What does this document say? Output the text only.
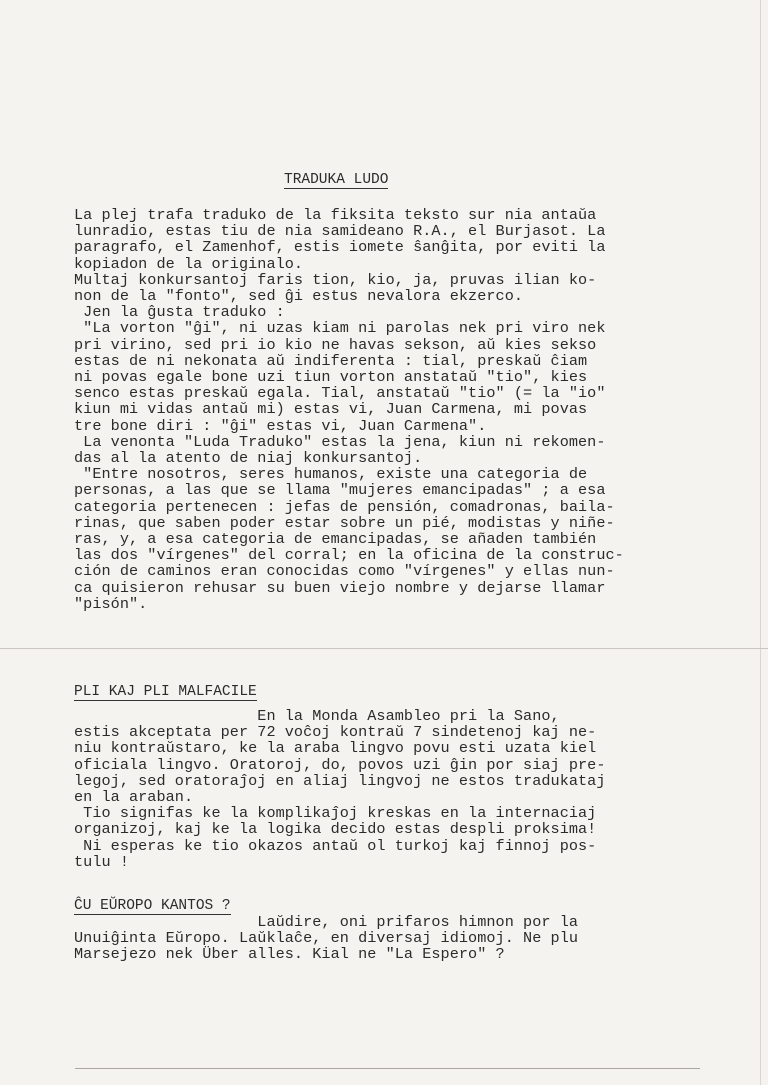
TRADUKA LUDO
La plej trafa traduko de la fiksita teksto sur nia antaŭa
lunradio, estas tiu de nia samideano R.A., el Burjasot. La
paragrafo, el Zamenhof, estis iomete ŝanĝita, por eviti la
kopiadon de la originalo.
Multaj konkursantoj faris tion, kio, ja, pruvas ilian ko-
non de la "fonto", sed ĝi estus nevalora ekzerco.
Jen la ĝusta traduko :
"La vorton "ĝi", ni uzas kiam ni parolas nek pri viro nek
pri virino, sed pri io kio ne havas sekson, aŭ kies sekso
estas de ni nekonata aŭ indiferenta : tial, preskaŭ ĉiam
ni povas egale bone uzi tiun vorton anstataŭ "tio", kies
senco estas preskaŭ egala. Tial, anstataŭ "tio" (= la "io"
kiun mi vidas antaŭ mi) estas vi, Juan Carmena, mi povas
tre bone diri : "ĝi" estas vi, Juan Carmena".
La venonta "Luda Traduko" estas la jena, kiun ni rekomen-
das al la atento de niaj konkursantoj.
"Entre nosotros, seres humanos, existe una categoria de
personas, a las que se llama "mujeres emancipadas" ; a esa
categoria pertenecen : jefas de pensión, comadronas, baila-
rinas, que saben poder estar sobre un pié, modistas y niñe-
ras, y, a esa categoria de emancipadas, se añaden también
las dos "vírgenes" del corral; en la oficina de la construc-
ción de caminos eran conocidas como "vírgenes" y ellas nun-
ca quisieron rehusar su buen viejo nombre y dejarse llamar
"pisón".
PLI KAJ PLI MALFACILE
En la Monda Asambleo pri la Sano,
estis akceptata per 72 voĉoj kontraŭ 7 sindetenoj kaj ne-
niu kontraŭstaro, ke la araba lingvo povu esti uzata kiel
oficiala lingvo. Oratoroj, do, povos uzi ĝin por siaj pre-
legoj, sed oratoraĵoj en aliaj lingvoj ne estos tradukataj
en la araban.
Tio signifas ke la komplikaĵoj kreskas en la internaciaj
organizoj, kaj ke la logika decido estas despli proksima!
Ni esperas ke tio okazos antaŭ ol turkoj kaj finnoj pos-
tulu !
ĈU EŬROPO KANTOS ?
Laŭdire, oni prifaros himnon por la
Unuiĝinta Eŭropo. Laŭklaĉe, en diversaj idiomoj. Ne plu
Marsejezo nek Über alles. Kial ne "La Espero" ?
